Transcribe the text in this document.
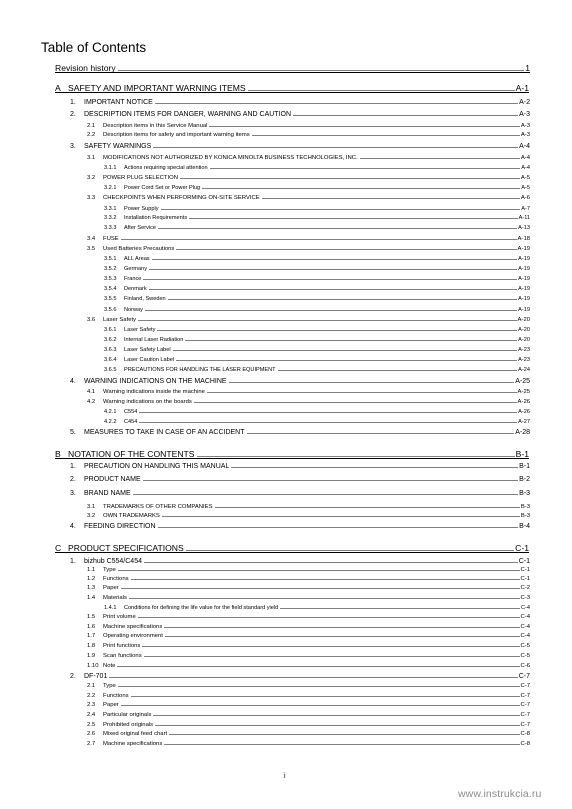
Table of Contents
Revision history	1
A SAFETY AND IMPORTANT WARNING ITEMS	A-1
1.	IMPORTANT NOTICE	A-2
2.	DESCRIPTION ITEMS FOR DANGER, WARNING AND CAUTION	A-3
2.1	Description items in this Service Manual	A-3
2.2	Description items for safety and important warning items	A-3
3.	SAFETY WARNINGS	A-4
3.1	MODIFICATIONS NOT AUTHORIZED BY KONICA MINOLTA BUSINESS TECHNOLOGIES, INC.	A-4
3.1.1	Actions requiring special attention	A-4
3.2	POWER PLUG SELECTION	A-5
3.2.1	Power Cord Set or Power Plug	A-5
3.3	CHECKPOINTS WHEN PERFORMING ON-SITE SERVICE	A-6
3.3.1	Power Supply	A-7
3.3.2	Installation Requirements	A-11
3.3.3	After Service	A-13
3.4	FUSE	A-18
3.5	Used Batteries Precautions	A-19
3.5.1	ALL Areas	A-19
3.5.2	Germany	A-19
3.5.3	France	A-19
3.5.4	Denmark	A-19
3.5.5	Finland, Sweden	A-19
3.5.6	Norway	A-19
3.6	Laser Safety	A-20
3.6.1	Laser Safety	A-20
3.6.2	Internal Laser Radiation	A-20
3.6.3	Laser Safety Label	A-23
3.6.4	Laser Caution Label	A-23
3.6.5	PRECAUTIONS FOR HANDLING THE LASER EQUIPMENT	A-24
4.	WARNING INDICATIONS ON THE MACHINE	A-25
4.1	Warning indications inside the machine	A-25
4.2	Warning indications on the boards	A-26
4.2.1	C554	A-26
4.2.2	C454	A-27
5.	MEASURES TO TAKE IN CASE OF AN ACCIDENT	A-28
B NOTATION OF THE CONTENTS	B-1
1.	PRECAUTION ON HANDLING THIS MANUAL	B-1
2.	PRODUCT NAME	B-2
3.	BRAND NAME	B-3
3.1	TRADEMARKS OF OTHER COMPANIES	B-3
3.2	OWN TRADEMARKS	B-3
4.	FEEDING DIRECTION	B-4
C PRODUCT SPECIFICATIONS	C-1
1.	bizhub C554/C454	C-1
1.1	Type	C-1
1.2	Functions	C-1
1.3	Paper	C-2
1.4	Materials	C-3
1.4.1	Conditions for defining the life value for the field standard yield	C-4
1.5	Print volume	C-4
1.6	Machine specifications	C-4
1.7	Operating environment	C-4
1.8	Print functions	C-5
1.9	Scan functions	C-5
1.10 Note	C-6
2.	DF-701	C-7
2.1	Type	C-7
2.2	Functions	C-7
2.3	Paper	C-7
2.4	Particular originals	C-7
2.5	Prohibited originals	C-7
2.6	Mixed original feed chart	C-8
2.7	Machine specifications	C-8
i
www.instrukcia.ru
